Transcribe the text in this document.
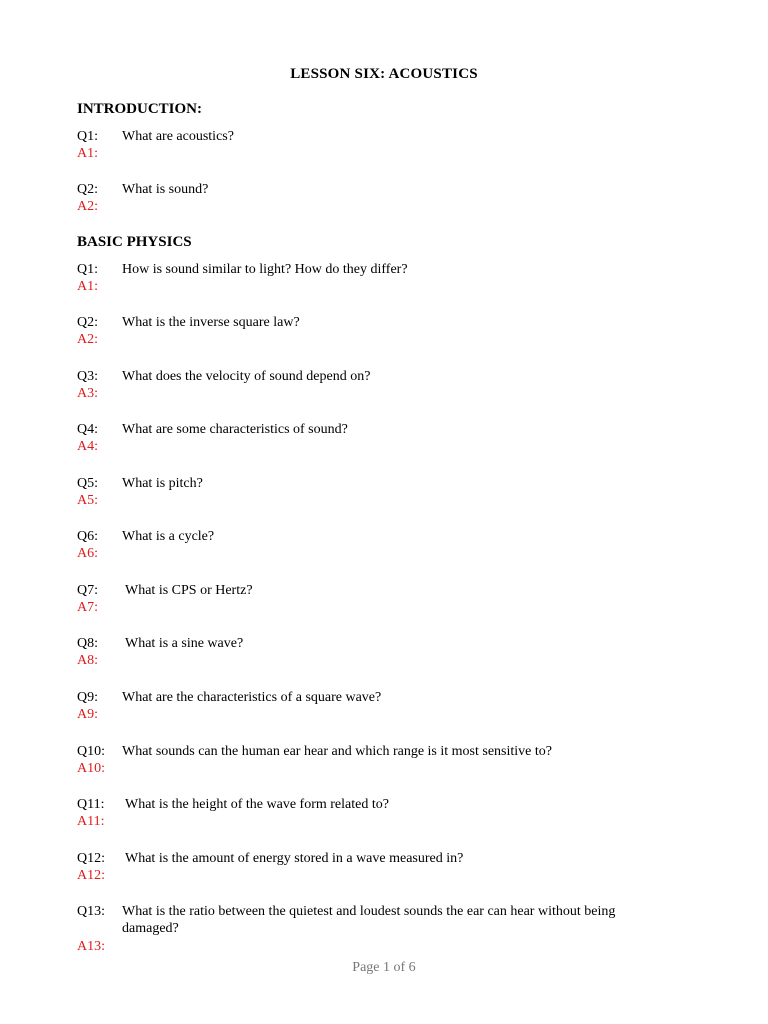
LESSON SIX: ACOUSTICS
INTRODUCTION:
Q1:	What are acoustics?
A1:
Q2:	What is sound?
A2:
BASIC PHYSICS
Q1:	How is sound similar to light? How do they differ?
A1:
Q2:	What is the inverse square law?
A2:
Q3:	What does the velocity of sound depend on?
A3:
Q4:	What are some characteristics of sound?
A4:
Q5:	What is pitch?
A5:
Q6:	What is a cycle?
A6:
Q7:	What is CPS or Hertz?
A7:
Q8:	What is a sine wave?
A8:
Q9:	What are the characteristics of a square wave?
A9:
Q10:	What sounds can the human ear hear and which range is it most sensitive to?
A10:
Q11:	What is the height of the wave form related to?
A11:
Q12:	What is the amount of energy stored in a wave measured in?
A12:
Q13:	What is the ratio between the quietest and loudest sounds the ear can hear without being damaged?
A13:
Page 1 of 6
